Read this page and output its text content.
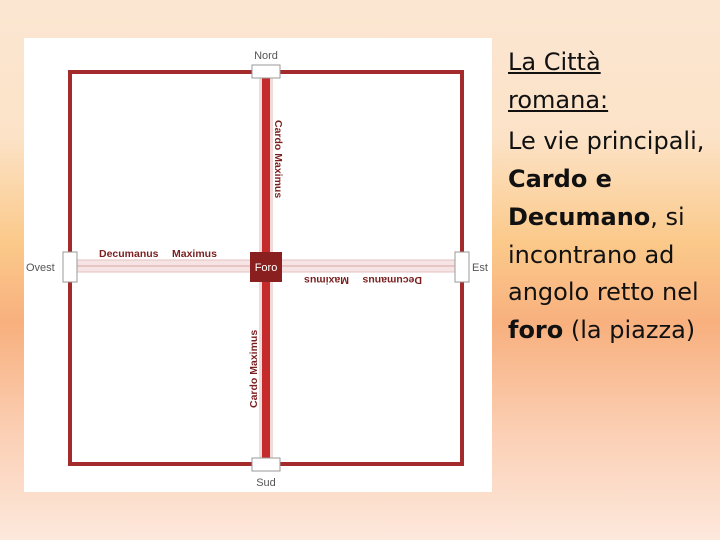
Foro
Nord
Sud
Ovest	Est
Cardo Maximus
Cardo Maximus
Decumanus Maximus
Decumanus
Maximus
La Città
romana:
Le vie principali, Cardo e Decumano, si incontrano ad angolo retto nel foro (la piazza)
